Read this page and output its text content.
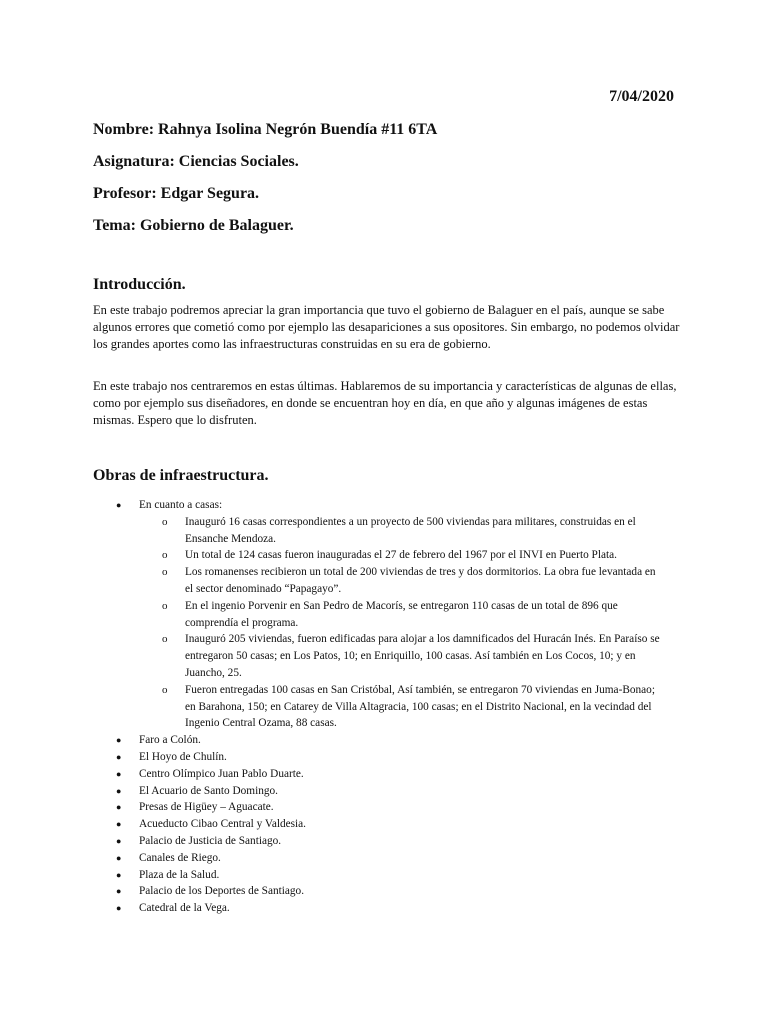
7/04/2020
Nombre: Rahnya Isolina Negrón Buendía #11 6TA
Asignatura: Ciencias Sociales.
Profesor: Edgar Segura.
Tema: Gobierno de Balaguer.
Introducción.

En este trabajo podremos apreciar la gran importancia que tuvo el gobierno de Balaguer en el país, aunque se sabe algunos errores que cometió como por ejemplo las desapariciones a sus opositores. Sin embargo, no podemos olvidar los grandes aportes como las infraestructuras construidas en su era de gobierno.

En este trabajo nos centraremos en estas últimas. Hablaremos de su importancia y características de algunas de ellas, como por ejemplo sus diseñadores, en donde se encuentran hoy en día, en que año y algunas imágenes de estas mismas. Espero que lo disfruten.

Obras de infraestructura.
● En cuanto a casas:
o Inauguró 16 casas correspondientes a un proyecto de 500 viviendas para militares, construidas en el Ensanche Mendoza.
o Un total de 124 casas fueron inauguradas el 27 de febrero del 1967 por el INVI en Puerto Plata.
o Los romanenses recibieron un total de 200 viviendas de tres y dos dormitorios. La obra fue levantada en el sector denominado “Papagayo”.
o En el ingenio Porvenir en San Pedro de Macorís, se entregaron 110 casas de un total de 896 que comprendía el programa.
o Inauguró 205 viviendas, fueron edificadas para alojar a los damnificados del Huracán Inés. En Paraíso se entregaron 50 casas; en Los Patos, 10; en Enriquillo, 100 casas. Así también en Los Cocos, 10; y en Juancho, 25.
o Fueron entregadas 100 casas en San Cristóbal, Así también, se entregaron 70 viviendas en Juma-Bonao; en Barahona, 150; en Catarey de Villa Altagracia, 100 casas; en el Distrito Nacional, en la vecindad del Ingenio Central Ozama, 88 casas.
● Faro a Colón.
● El Hoyo de Chulín.
● Centro Olímpico Juan Pablo Duarte.
● El Acuario de Santo Domingo.
● Presas de Higüey – Aguacate.
● Acueducto Cibao Central y Valdesia.
● Palacio de Justicia de Santiago.
● Canales de Riego.
● Plaza de la Salud.
● Palacio de los Deportes de Santiago.
● Catedral de la Vega.
